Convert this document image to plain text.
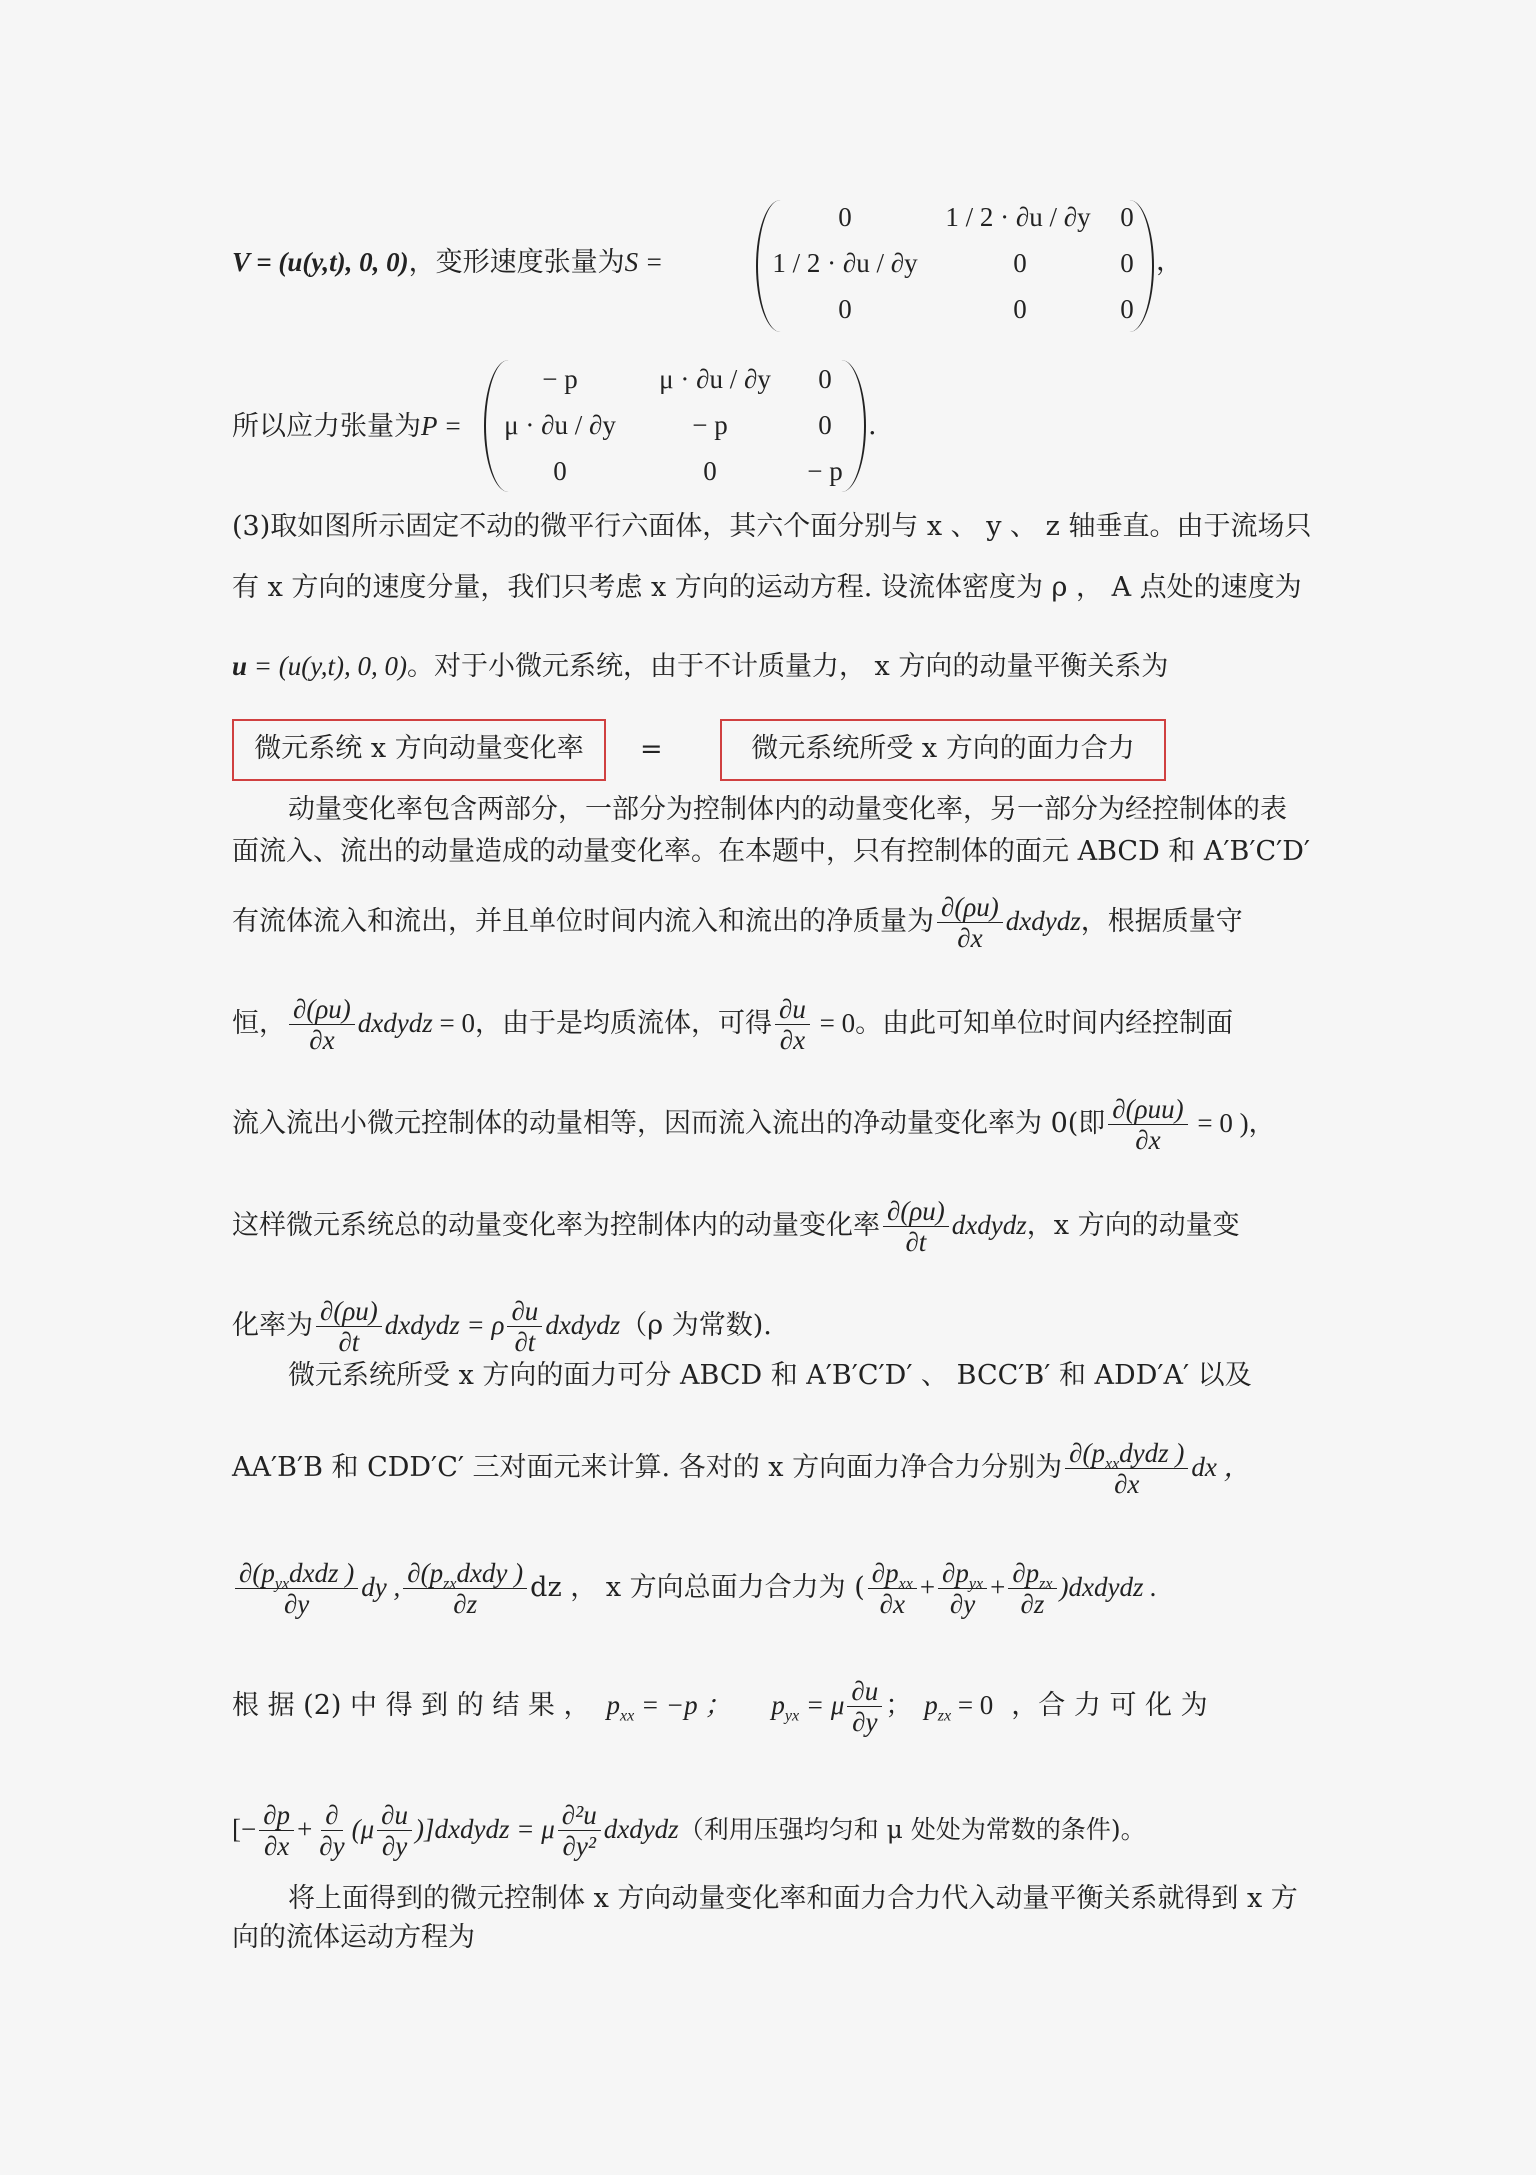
V = (u(y,t), 0, 0)，变形速度张量为S =
0	1 / 2 · ∂u / ∂y	0
1 / 2 · ∂u / ∂y	0	0
0	0	0
，
所以应力张量为P =
− p	μ · ∂u / ∂y	0
μ · ∂u / ∂y	− p	0
0	0	− p
.
(3)取如图所示固定不动的微平行六面体，其六个面分别与 x 、 y 、 z 轴垂直。由于流场只
有 x 方向的速度分量，我们只考虑 x 方向的运动方程. 设流体密度为 ρ ， A 点处的速度为
u = (u(y,t), 0, 0)。对于小微元系统，由于不计质量力， x 方向的动量平衡关系为
微元系统 x 方向动量变化率	=	微元系统所受 x 方向的面力合力
动量变化率包含两部分，一部分为控制体内的动量变化率，另一部分为经控制体的表
面流入、流出的动量造成的动量变化率。在本题中，只有控制体的面元 ABCD 和 A′B′C′D′
有流体流入和流出，并且单位时间内流入和流出的净质量为 $\frac{\partial(\rho u)}{\partial x}$ dxdydz，根据质量守
恒， $\frac{\partial(\rho u)}{\partial x}$ dxdydz = 0，由于是均质流体，可得 $\frac{\partial u}{\partial x} = 0$。由此可知单位时间内经控制面
流入流出小微元控制体的动量相等，因而流入流出的净动量变化率为 0(即 $\frac{\text{∂(ρuu)}}{\partial x} = 0$ )，
这样微元系统总的动量变化率为控制体内的动量变化率 $\frac{\partial(\rho u)}{\partial t}$ dxdydz，x 方向的动量变
化率为 $\frac{\partial(\rho u)}{\partial t}$ dxdydz = ρ $\frac{\partial u}{\partial t}$ dxdydz（ρ 为常数).
微元系统所受 x 方向的面力可分 ABCD 和 A′B′C′D′ 、 BCC′B′ 和 ADD′A′ 以及
AA′B′B 和 CDD′C′ 三对面元来计算. 各对的 x 方向面力净合力分别为 $\frac{\partial(p_{xx}dydz )}{\partial x}$ dx ，
$\frac{\partial(p_{yx}dxdz )}{\partial y}$ dy , $\frac{\partial(p_{zx}dxdy )}{\partial z}$ dz ， x 方向总面力合力为 ( $\frac{\partial p_{xx}}{\partial x} + \frac{\partial p_{yx}}{\partial y} + \frac{\partial p_{zx}}{\partial z}$ )dxdydz .
根 据 (2) 中 得 到 的 结 果 ， $p_{xx} = -p$ ； $p_{yx} = \mu \frac{\partial u}{\partial y}$ ； $p_{zx} = 0$ ，合 力 可 化 为
[− $\frac{\partial p}{\partial x} + \frac{\partial}{\partial y} (\mu \frac{\partial u}{\partial y}$ )]dxdydz = μ $\frac{\text{∂²u}}{\text{∂y²}}$ dxdydz（利用压强均匀和 μ 处处为常数的条件)。
将上面得到的微元控制体 x 方向动量变化率和面力合力代入动量平衡关系就得到 x 方
向的流体运动方程为
